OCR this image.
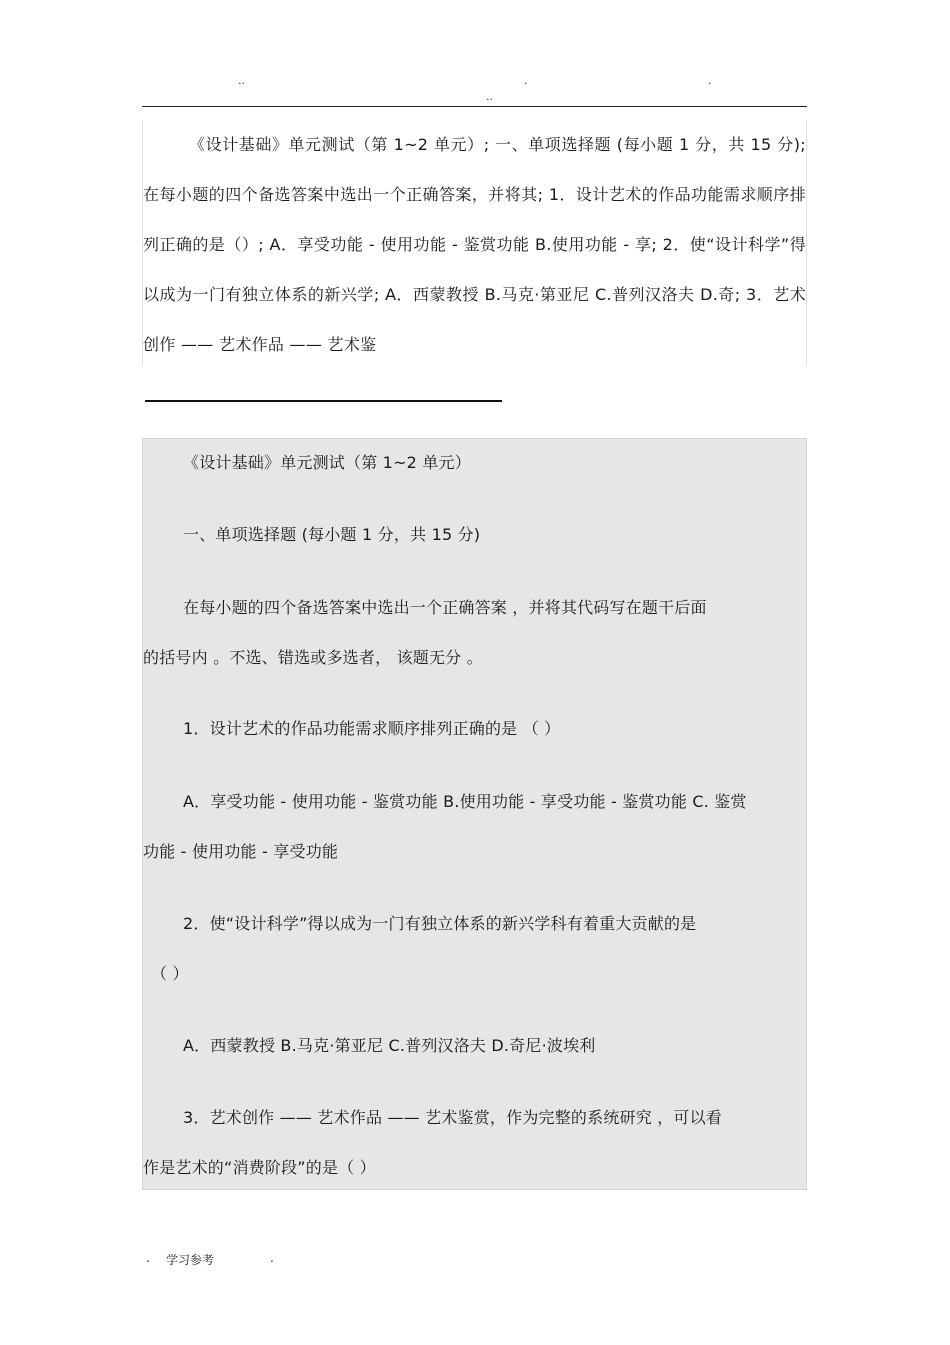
..	.	.
..

《设计基础》单元测试（第 1~2 单元）; 一、单项选择题 (每小题 1 分，共 15 分); 在每小题的四个备选答案中选出一个正确答案，并将其; 1．设计艺术的作品功能需求顺序排列正确的是（）; A．享受功能 - 使用功能 - 鉴赏功能 B.使用功能 - 享; 2．使“设计科学”得以成为一门有独立体系的新兴学; A．西蒙教授 B.马克·第亚尼 C.普列汉洛夫 D.奇; 3．艺术创作 —— 艺术作品 —— 艺术鉴

《设计基础》单元测试（第 1~2 单元）
一、单项选择题 (每小题 1 分，共 15 分)
在每小题的四个备选答案中选出一个正确答案 ，并将其代码写在题干后面
的括号内 。不选、错选或多选者， 该题无分 。
1．设计艺术的作品功能需求顺序排列正确的是 （ ）
A．享受功能 - 使用功能 - 鉴赏功能 B.使用功能 - 享受功能 - 鉴赏功能 C. 鉴赏
功能 - 使用功能 - 享受功能
2．使“设计科学”得以成为一门有独立体系的新兴学科有着重大贡献的是
（ ）
A．西蒙教授 B.马克·第亚尼 C.普列汉洛夫 D.奇尼·波埃利
3．艺术创作 —— 艺术作品 —— 艺术鉴赏，作为完整的系统研究 ，可以看
作是艺术的“消费阶段”的是（ ）
. 学习参考	.
